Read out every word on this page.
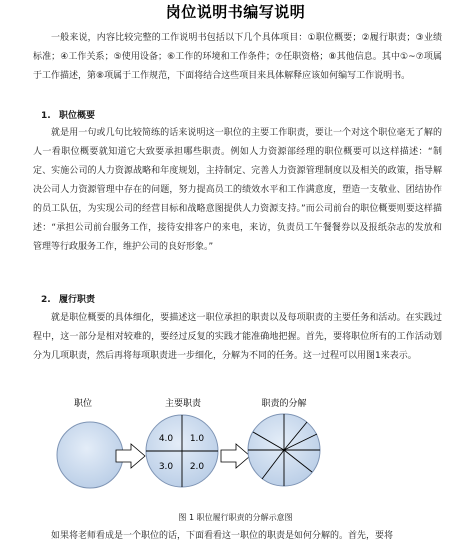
岗位说明书编写说明

一般来说，内容比较完整的工作说明书包括以下几个具体项目：①职位概要；②履行职责；③业绩标准；④工作关系；⑤使用设备；⑥工作的环境和工作条件；⑦任职资格；⑧其他信息。其中①~⑦项属于工作描述，第⑧项属于工作规范，下面将结合这些项目来具体解释应该如何编写工作说明书。

1. 职位概要

就是用一句或几句比较简练的话来说明这一职位的主要工作职责，要让一个对这个职位毫无了解的人一看职位概要就知道它大致要承担哪些职责。例如人力资源部经理的职位概要可以这样描述：“制定、实施公司的人力资源战略和年度规划，主持制定、完善人力资源管理制度以及相关的政策，指导解决公司人力资源管理中存在的问题，努力提高员工的绩效水平和工作满意度，塑造一支敬业、团结协作的员工队伍，为实现公司的经营目标和战略意图提供人力资源支持。”而公司前台的职位概要则要这样描述：“承担公司前台服务工作，接待安排客户的来电，来访，负责员工午餐餐券以及报纸杂志的发放和管理等行政服务工作，维护公司的良好形象。”

2. 履行职责

就是职位概要的具体细化，要描述这一职位承担的职责以及每项职责的主要任务和活动。在实践过程中，这一部分是相对较难的，要经过反复的实践才能准确地把握。首先，要将职位所有的工作活动划分为几项职责，然后再将每项职责进一步细化，分解为不同的任务。这一过程可以用图1来表示。

职位	主要职责	职责的分解
4.0 1.0
3.0 2.0
图 1 职位履行职责的分解示意图

如果将老师看成是一个职位的话，下面看看这一职位的职责是如何分解的。首先，要将
